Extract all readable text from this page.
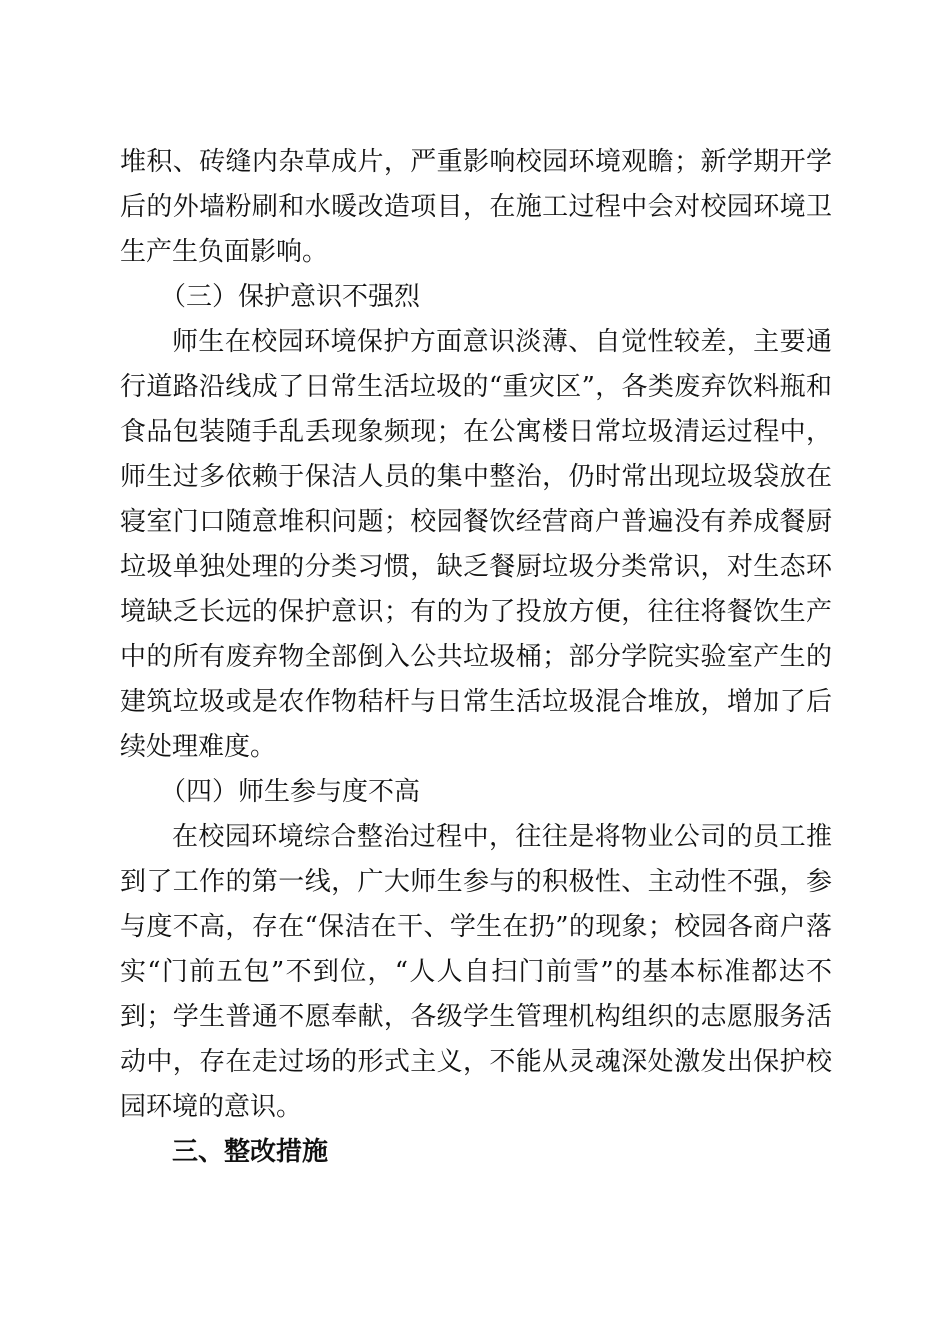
堆积、砖缝内杂草成片，严重影响校园环境观瞻；新学期开学后的外墙粉刷和水暖改造项目，在施工过程中会对校园环境卫生产生负面影响。

（三）保护意识不强烈

师生在校园环境保护方面意识淡薄、自觉性较差，主要通行道路沿线成了日常生活垃圾的“重灾区”，各类废弃饮料瓶和食品包装随手乱丢现象频现；在公寓楼日常垃圾清运过程中，师生过多依赖于保洁人员的集中整治，仍时常出现垃圾袋放在寝室门口随意堆积问题；校园餐饮经营商户普遍没有养成餐厨垃圾单独处理的分类习惯，缺乏餐厨垃圾分类常识，对生态环境缺乏长远的保护意识；有的为了投放方便，往往将餐饮生产中的所有废弃物全部倒入公共垃圾桶；部分学院实验室产生的建筑垃圾或是农作物秸杆与日常生活垃圾混合堆放，增加了后续处理难度。

（四）师生参与度不高

在校园环境综合整治过程中，往往是将物业公司的员工推到了工作的第一线，广大师生参与的积极性、主动性不强，参与度不高，存在“保洁在干、学生在扔”的现象；校园各商户落实“门前五包”不到位，“人人自扫门前雪”的基本标准都达不到；学生普通不愿奉献，各级学生管理机构组织的志愿服务活动中，存在走过场的形式主义，不能从灵魂深处激发出保护校园环境的意识。

三、整改措施
